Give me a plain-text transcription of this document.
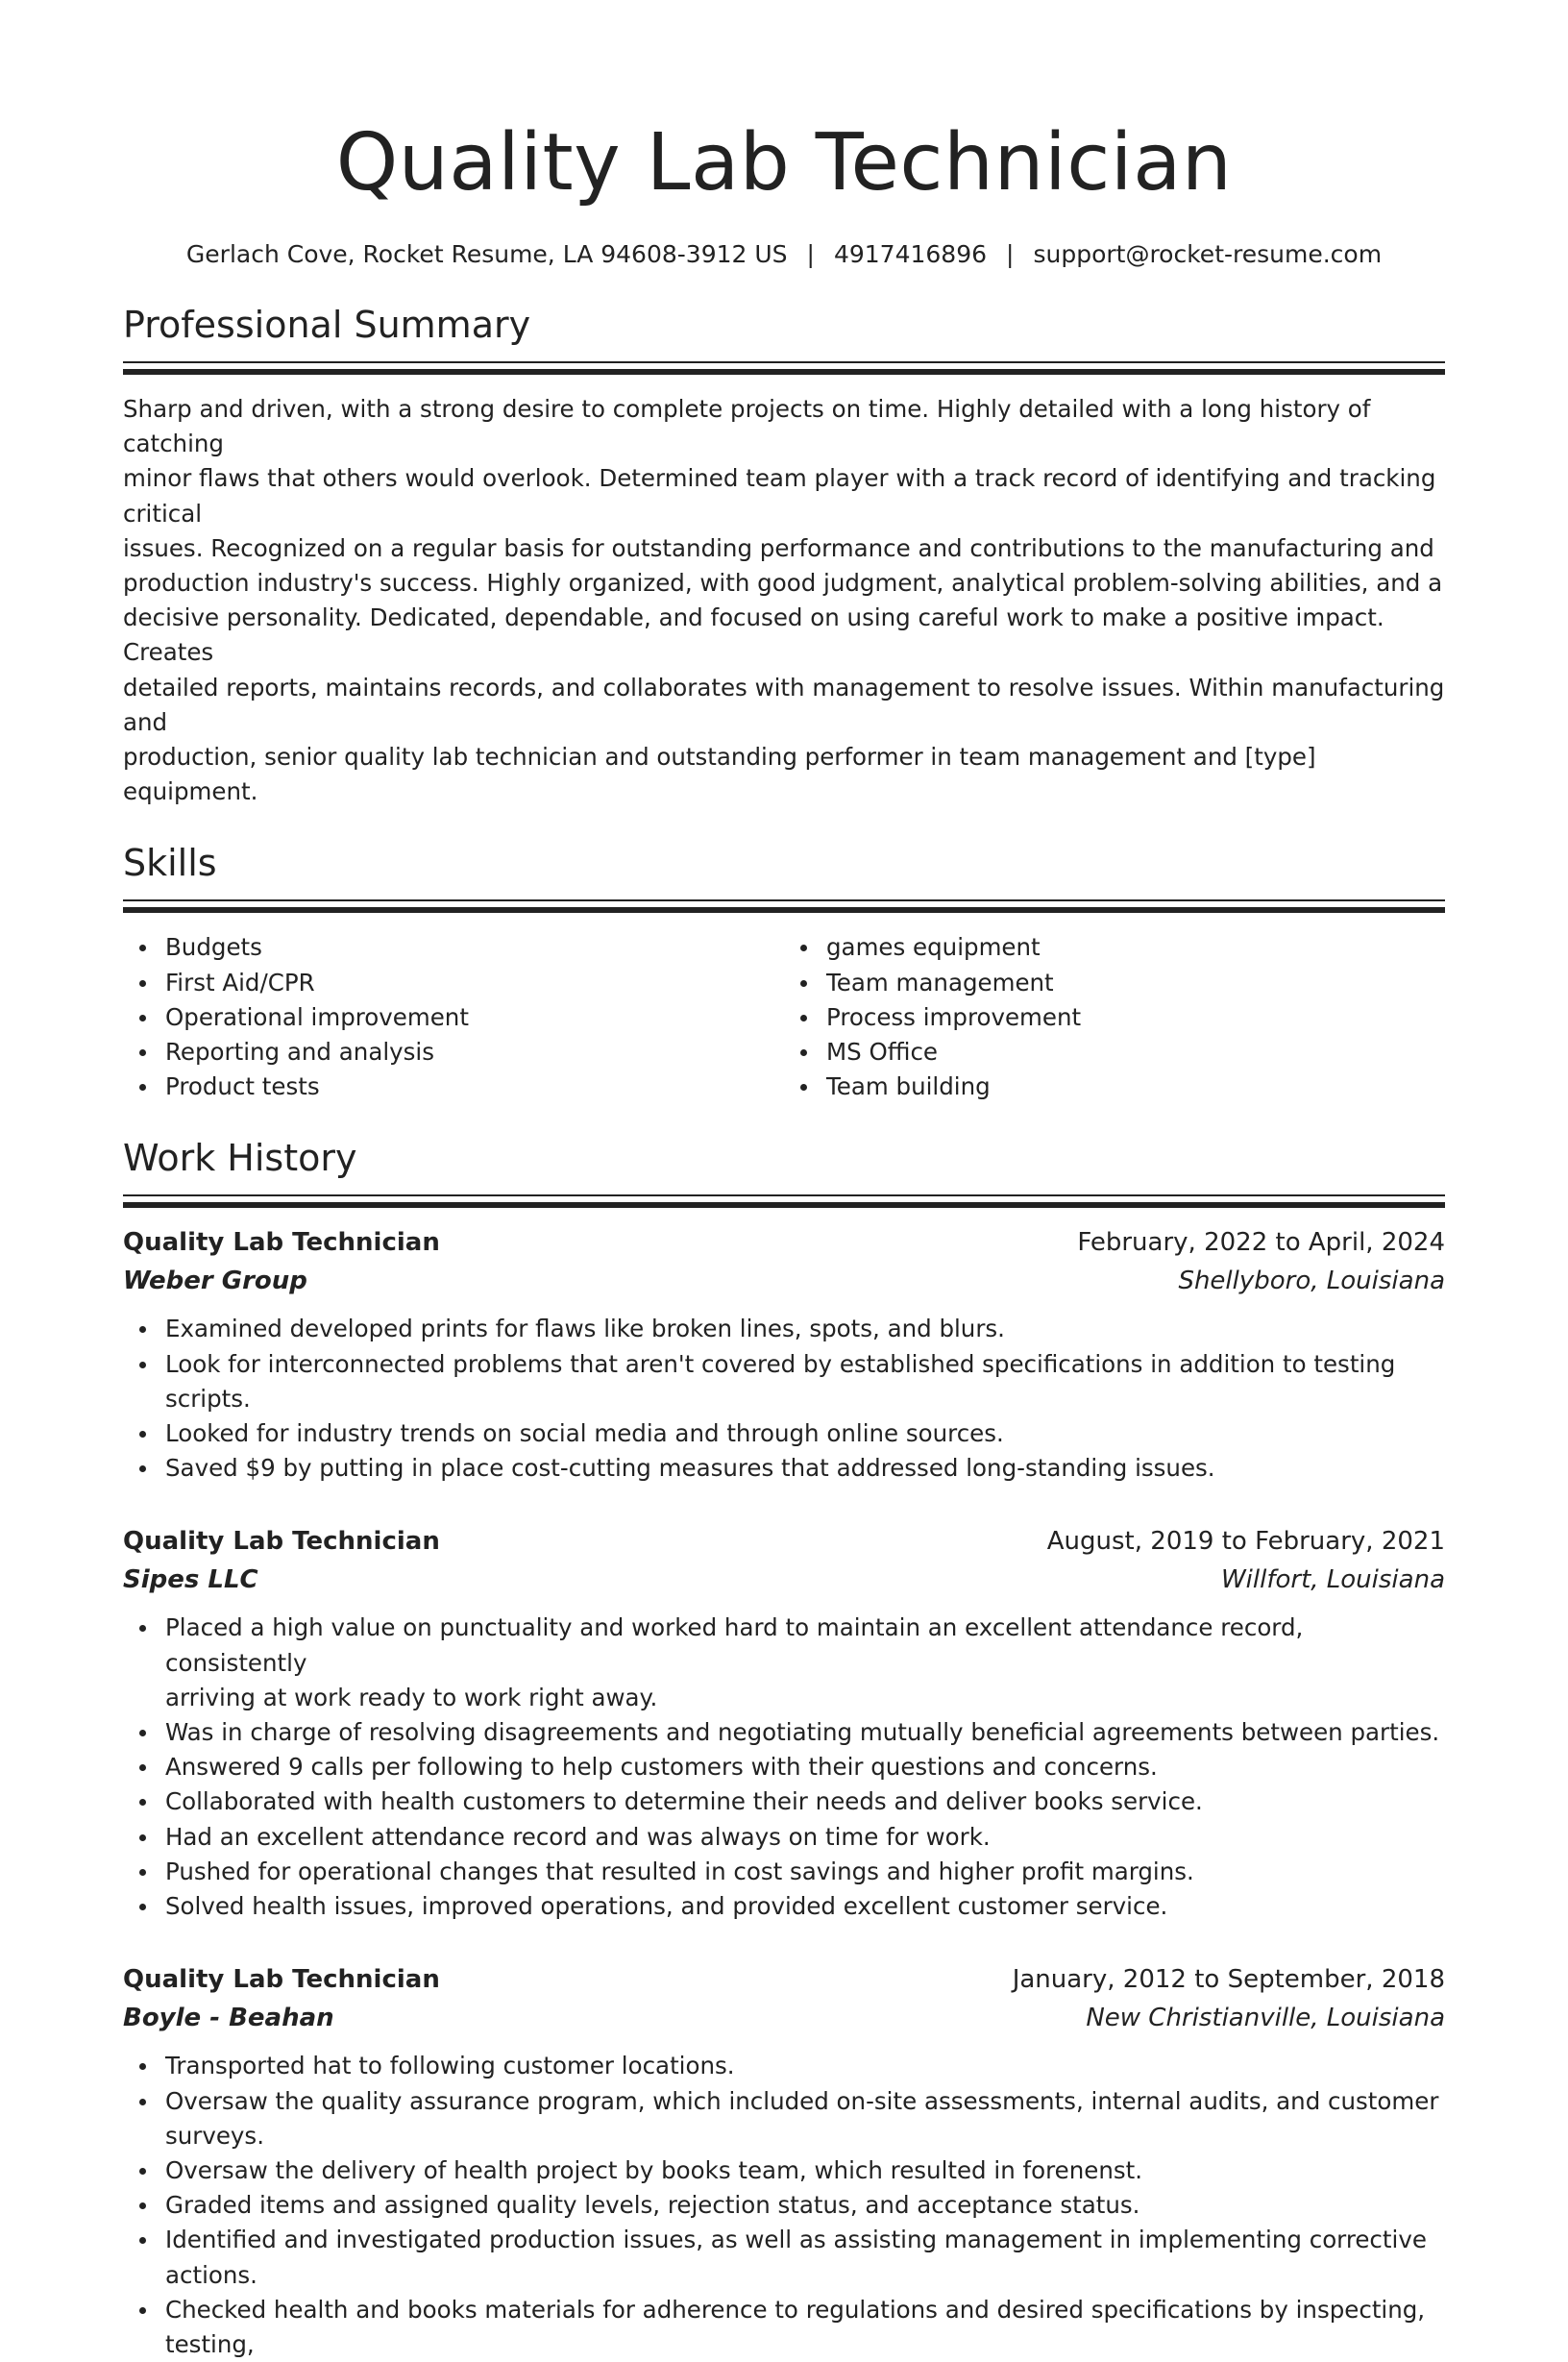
Quality Lab Technician
Gerlach Cove, Rocket Resume, LA 94608-3912 US | 4917416896 | support@rocket-resume.com
Professional Summary
Sharp and driven, with a strong desire to complete projects on time. Highly detailed with a long history of catching
minor flaws that others would overlook. Determined team player with a track record of identifying and tracking critical
issues. Recognized on a regular basis for outstanding performance and contributions to the manufacturing and
production industry's success. Highly organized, with good judgment, analytical problem-solving abilities, and a
decisive personality. Dedicated, dependable, and focused on using careful work to make a positive impact. Creates
detailed reports, maintains records, and collaborates with management to resolve issues. Within manufacturing and
production, senior quality lab technician and outstanding performer in team management and [type] equipment.
Skills
Budgets
First Aid/CPR
Operational improvement
Reporting and analysis
Product tests
games equipment
Team management
Process improvement
MS Office
Team building
Work History
Quality Lab Technician	February, 2022 to April, 2024
Weber Group	Shellyboro, Louisiana
Examined developed prints for flaws like broken lines, spots, and blurs.
Look for interconnected problems that aren't covered by established specifications in addition to testing scripts.
Looked for industry trends on social media and through online sources.
Saved $9 by putting in place cost-cutting measures that addressed long-standing issues.
Quality Lab Technician	August, 2019 to February, 2021
Sipes LLC	Willfort, Louisiana
Placed a high value on punctuality and worked hard to maintain an excellent attendance record, consistently
arriving at work ready to work right away.
Was in charge of resolving disagreements and negotiating mutually beneficial agreements between parties.
Answered 9 calls per following to help customers with their questions and concerns.
Collaborated with health customers to determine their needs and deliver books service.
Had an excellent attendance record and was always on time for work.
Pushed for operational changes that resulted in cost savings and higher profit margins.
Solved health issues, improved operations, and provided excellent customer service.
Quality Lab Technician	January, 2012 to September, 2018
Boyle - Beahan	New Christianville, Louisiana
Transported hat to following customer locations.
Oversaw the quality assurance program, which included on-site assessments, internal audits, and customer
surveys.
Oversaw the delivery of health project by books team, which resulted in forenenst.
Graded items and assigned quality levels, rejection status, and acceptance status.
Identified and investigated production issues, as well as assisting management in implementing corrective actions.
Checked health and books materials for adherence to regulations and desired specifications by inspecting, testing,
